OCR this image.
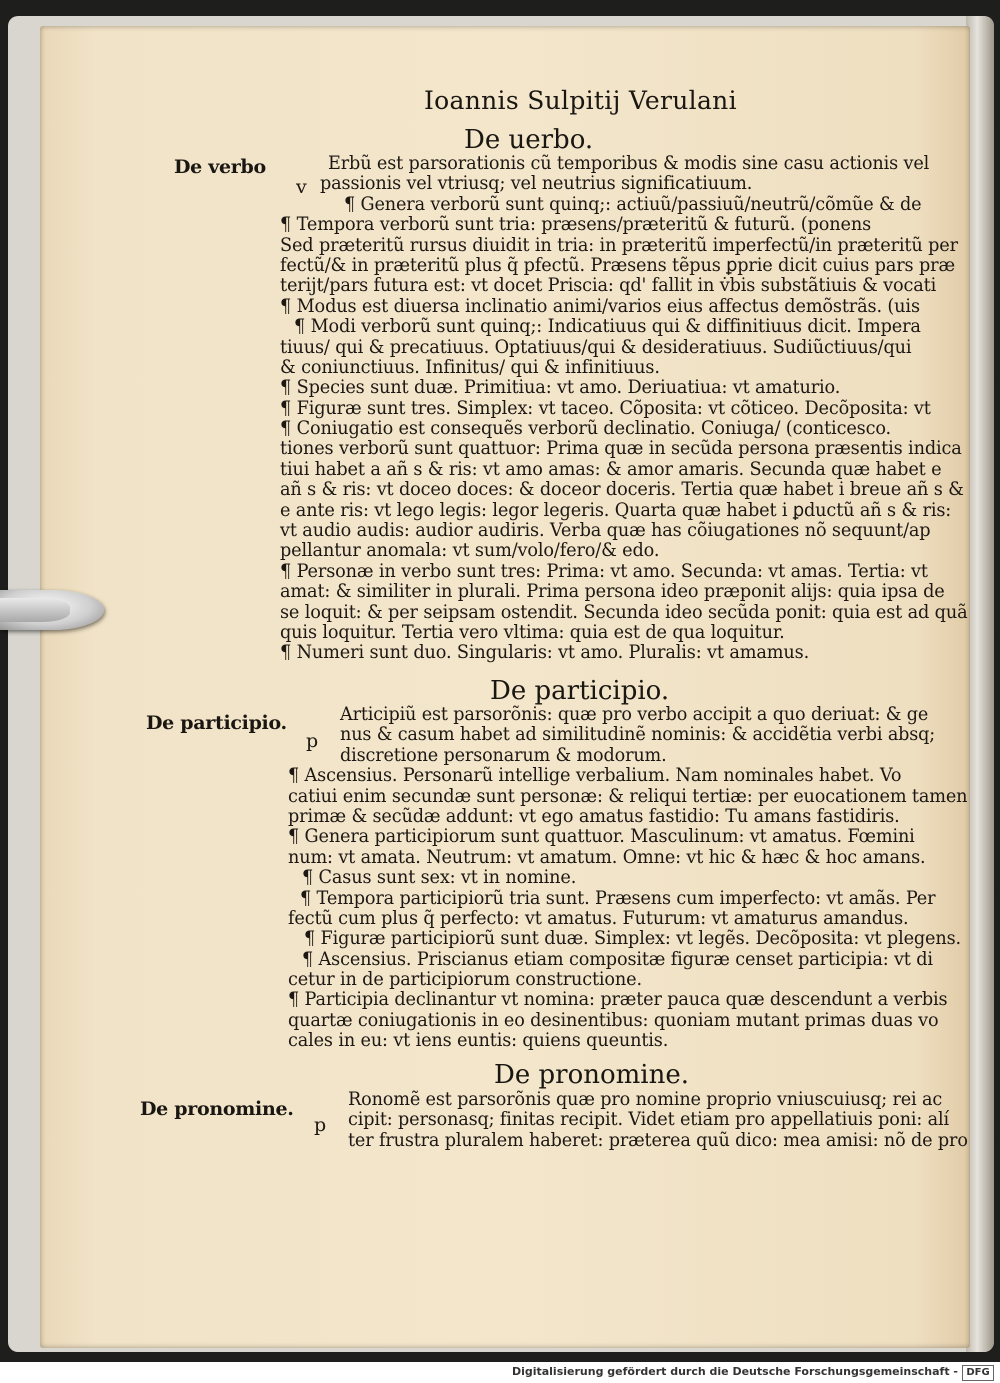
Ioannis Sulpitij Verulani
De uerbo.
De verbo
v
Erbũ est parsorationis cũ temporibus & modis sine casu actionis vel
passionis vel vtriusq; vel neutrius significatiuum.
¶ Genera verborũ sunt quinq;: actiuũ/passiuũ/neutrũ/cõmũe & de
¶ Tempora verborũ sunt tria: præsens/præteritũ & futurũ. (ponens
Sed præteritũ rursus diuidit in tria: in præteritũ imperfectũ/in præteritũ per
fectũ/& in præteritũ plus q̃ pfectũ. Præsens tẽpus ꝑprie dicit cuius pars præ
terijt/pars futura est: vt docet Priscia: qd' fallit in v̇bis substãtiuis & vocati
¶ Modus est diuersa inclinatio animi/varios eius affectus demõstrãs. (uis
¶ Modi verborũ sunt quinq;: Indicatiuus qui & diffinitiuus dicit. Impera
tiuus/ qui & precatiuus. Optatiuus/qui & desideratiuus. Sudiũctiuus/qui
& coniunctiuus. Infinitus/ qui & infinitiuus.
¶ Species sunt duæ. Primitiua: vt amo. Deriuatiua: vt amaturio.
¶ Figuræ sunt tres. Simplex: vt taceo. Cõposita: vt cõticeo. Decõposita: vt
¶ Coniugatio est consequẽs verborũ declinatio. Coniuga/ (conticesco.
tiones verborũ sunt quattuor: Prima quæ in secũda persona præsentis indica
tiui habet a añ s & ris: vt amo amas: & amor amaris. Secunda quæ habet e
añ s & ris: vt doceo doces: & doceor doceris. Tertia quæ habet i breue añ s &
e ante ris: vt lego legis: legor legeris. Quarta quæ habet i ꝑductũ añ s & ris:
vt audio audis: audior audiris. Verba quæ has cõiugationes nõ sequunt/ap
pellantur anomala: vt sum/volo/fero/& edo.
¶ Personæ in verbo sunt tres: Prima: vt amo. Secunda: vt amas. Tertia: vt
amat: & similiter in plurali. Prima persona ideo præponit alijs: quia ipsa de
se loquit: & per seipsam ostendit. Secunda ideo secũda ponit: quia est ad quã
quis loquitur. Tertia vero vltima: quia est de qua loquitur.
¶ Numeri sunt duo. Singularis: vt amo. Pluralis: vt amamus.
De participio.
De participio.
p
Articipiũ est parsorõnis: quæ pro verbo accipit a quo deriuat: & ge
nus & casum habet ad similitudinẽ nominis: & accidẽtia verbi absq;
discretione personarum & modorum.
¶ Ascensius. Personarũ intellige verbalium. Nam nominales habet. Vo
catiui enim secundæ sunt personæ: & reliqui tertiæ: per euocationem tamen
primæ & secũdæ addunt: vt ego amatus fastidio: Tu amans fastidiris.
¶ Genera participiorum sunt quattuor. Masculinum: vt amatus. Fœmini
num: vt amata. Neutrum: vt amatum. Omne: vt hic & hæc & hoc amans.
¶ Casus sunt sex: vt in nomine.
¶ Tempora participiorũ tria sunt. Præsens cum imperfecto: vt amãs. Per
fectũ cum plus q̃ perfecto: vt amatus. Futurum: vt amaturus amandus.
¶ Figuræ participiorũ sunt duæ. Simplex: vt legẽs. Decõposita: vt plegens.
¶ Ascensius. Priscianus etiam compositæ figuræ censet participia: vt di
cetur in de participiorum constructione.
¶ Participia declinantur vt nomina: præter pauca quæ descendunt a verbis
quartæ coniugationis in eo desinentibus: quoniam mutant primas duas vo
cales in eu: vt iens euntis: quiens queuntis.
De pronomine.
De pronomine.
p
Ronomẽ est parsorõnis quæ pro nomine proprio vniuscuiusq; rei ac
cipit: personasq; finitas recipit. Videt etiam pro appellatiuis poni: alí
ter frustra pluralem haberet: præterea quũ dico: mea amisi: nõ de pro
Digitalisierung gefördert durch die Deutsche Forschungsgemeinschaft - DFG
